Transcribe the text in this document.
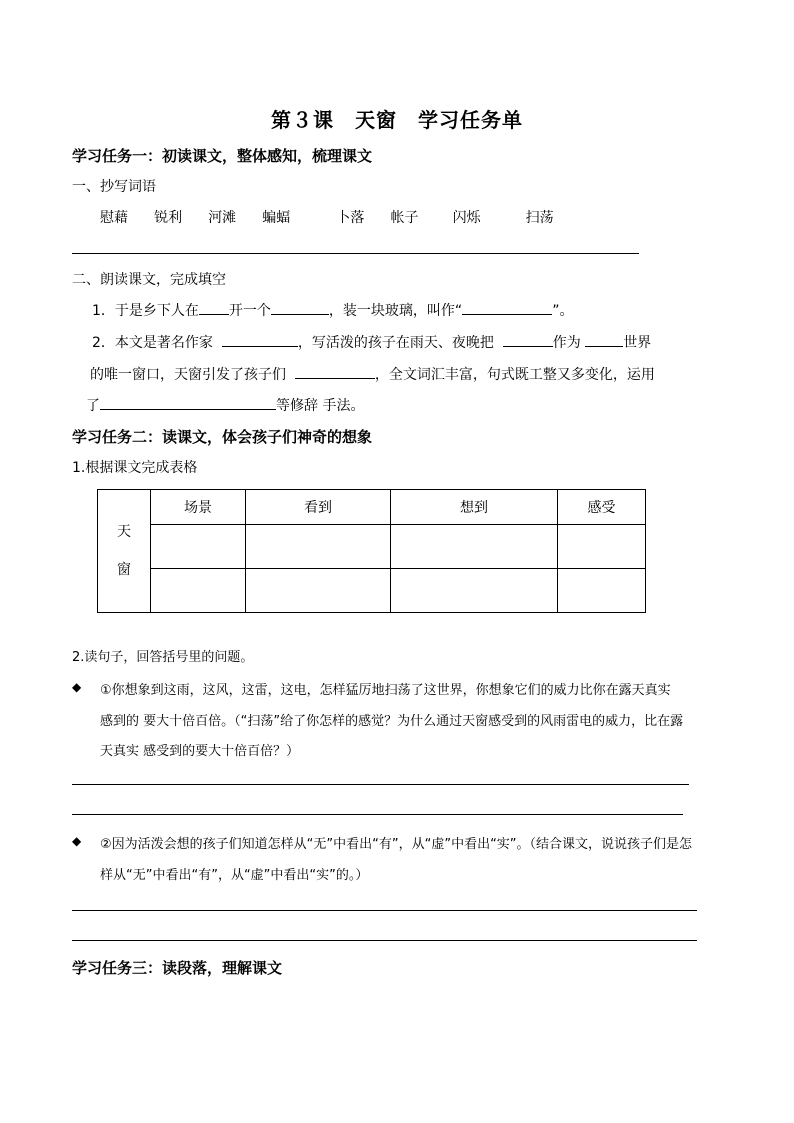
第３课　天窗　学习任务单
学习任务一：初读课文，整体感知，梳理课文
一、抄写词语
慰藉 锐利 河滩 蝙蝠	卜落 帐子 闪烁	扫荡
二、朗读课文，完成填空
1．于是乡下人在 开一个	，装一块玻璃，叫作“	”。
2．本文是著名作家	，写活泼的孩子在雨天、夜晚把	作为	世界
的唯一窗口，天窗引发了孩子们	，全文词汇丰富，句式既工整又多变化，运用
了	等修辞 手法。
学习任务二：读课文，体会孩子们神奇的想象
1.根据课文完成表格
天
窗	场景	看到	想到	感受

2.读句子，回答括号里的问题。
◆ ①你想象到这雨，这风，这雷，这电，怎样猛厉地扫荡了这世界，你想象它们的威力比你在露天真实
感到的 要大十倍百倍。（“扫荡”给了你怎样的感觉？为什么通过天窗感受到的风雨雷电的威力，比在露
天真实 感受到的要大十倍百倍？）
◆ ②因为活泼会想的孩子们知道怎样从“无”中看出“有”，从“虚”中看出“实”。（结合课文，说说孩子们是怎
样从“无”中看出“有”，从“虚”中看出“实”的。）
学习任务三：读段落，理解课文
